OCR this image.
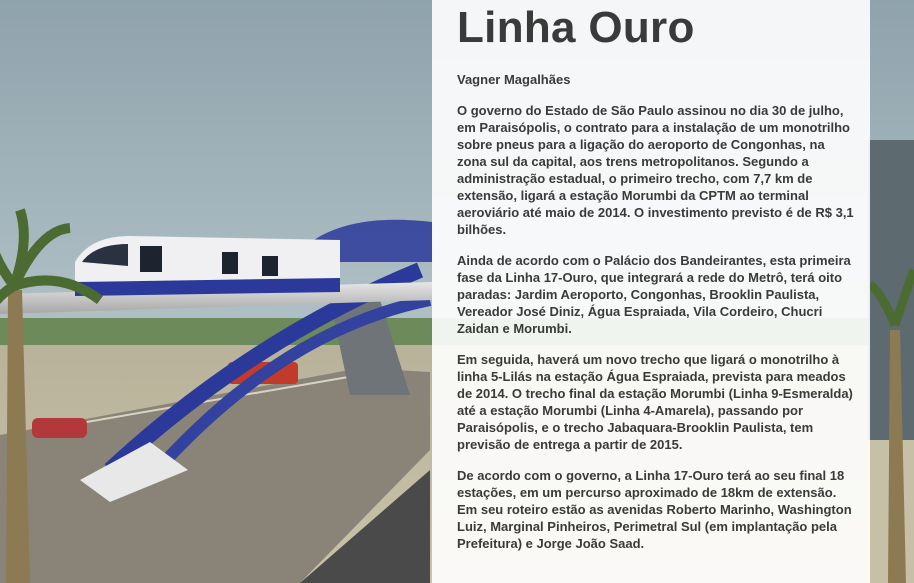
Linha Ouro

Vagner Magalhães

O governo do Estado de São Paulo assinou no dia 30 de julho, em Paraisópolis, o contrato para a instalação de um monotrilho sobre pneus para a ligação do aeroporto de Congonhas, na zona sul da capital, aos trens metropolitanos. Segundo a administração estadual, o primeiro trecho, com 7,7 km de extensão, ligará a estação Morumbi da CPTM ao terminal aeroviário até maio de 2014. O investimento previsto é de R$ 3,1 bilhões.

Ainda de acordo com o Palácio dos Bandeirantes, esta primeira fase da Linha 17-Ouro, que integrará a rede do Metrô, terá oito paradas: Jardim Aeroporto, Congonhas, Brooklin Paulista, Vereador José Diniz, Água Espraiada, Vila Cordeiro, Chucri Zaidan e Morumbi.

Em seguida, haverá um novo trecho que ligará o monotrilho à linha 5-Lilás na estação Água Espraiada, prevista para meados de 2014. O trecho final da estação Morumbi (Linha 9-Esmeralda) até a estação Morumbi (Linha 4-Amarela), passando por Paraisópolis, e o trecho Jabaquara-Brooklin Paulista, tem previsão de entrega a partir de 2015.

De acordo com o governo, a Linha 17-Ouro terá ao seu final 18 estações, em um percurso aproximado de 18km de extensão. Em seu roteiro estão as avenidas Roberto Marinho, Washington Luiz, Marginal Pinheiros, Perimetral Sul (em implantação pela Prefeitura) e Jorge João Saad.
